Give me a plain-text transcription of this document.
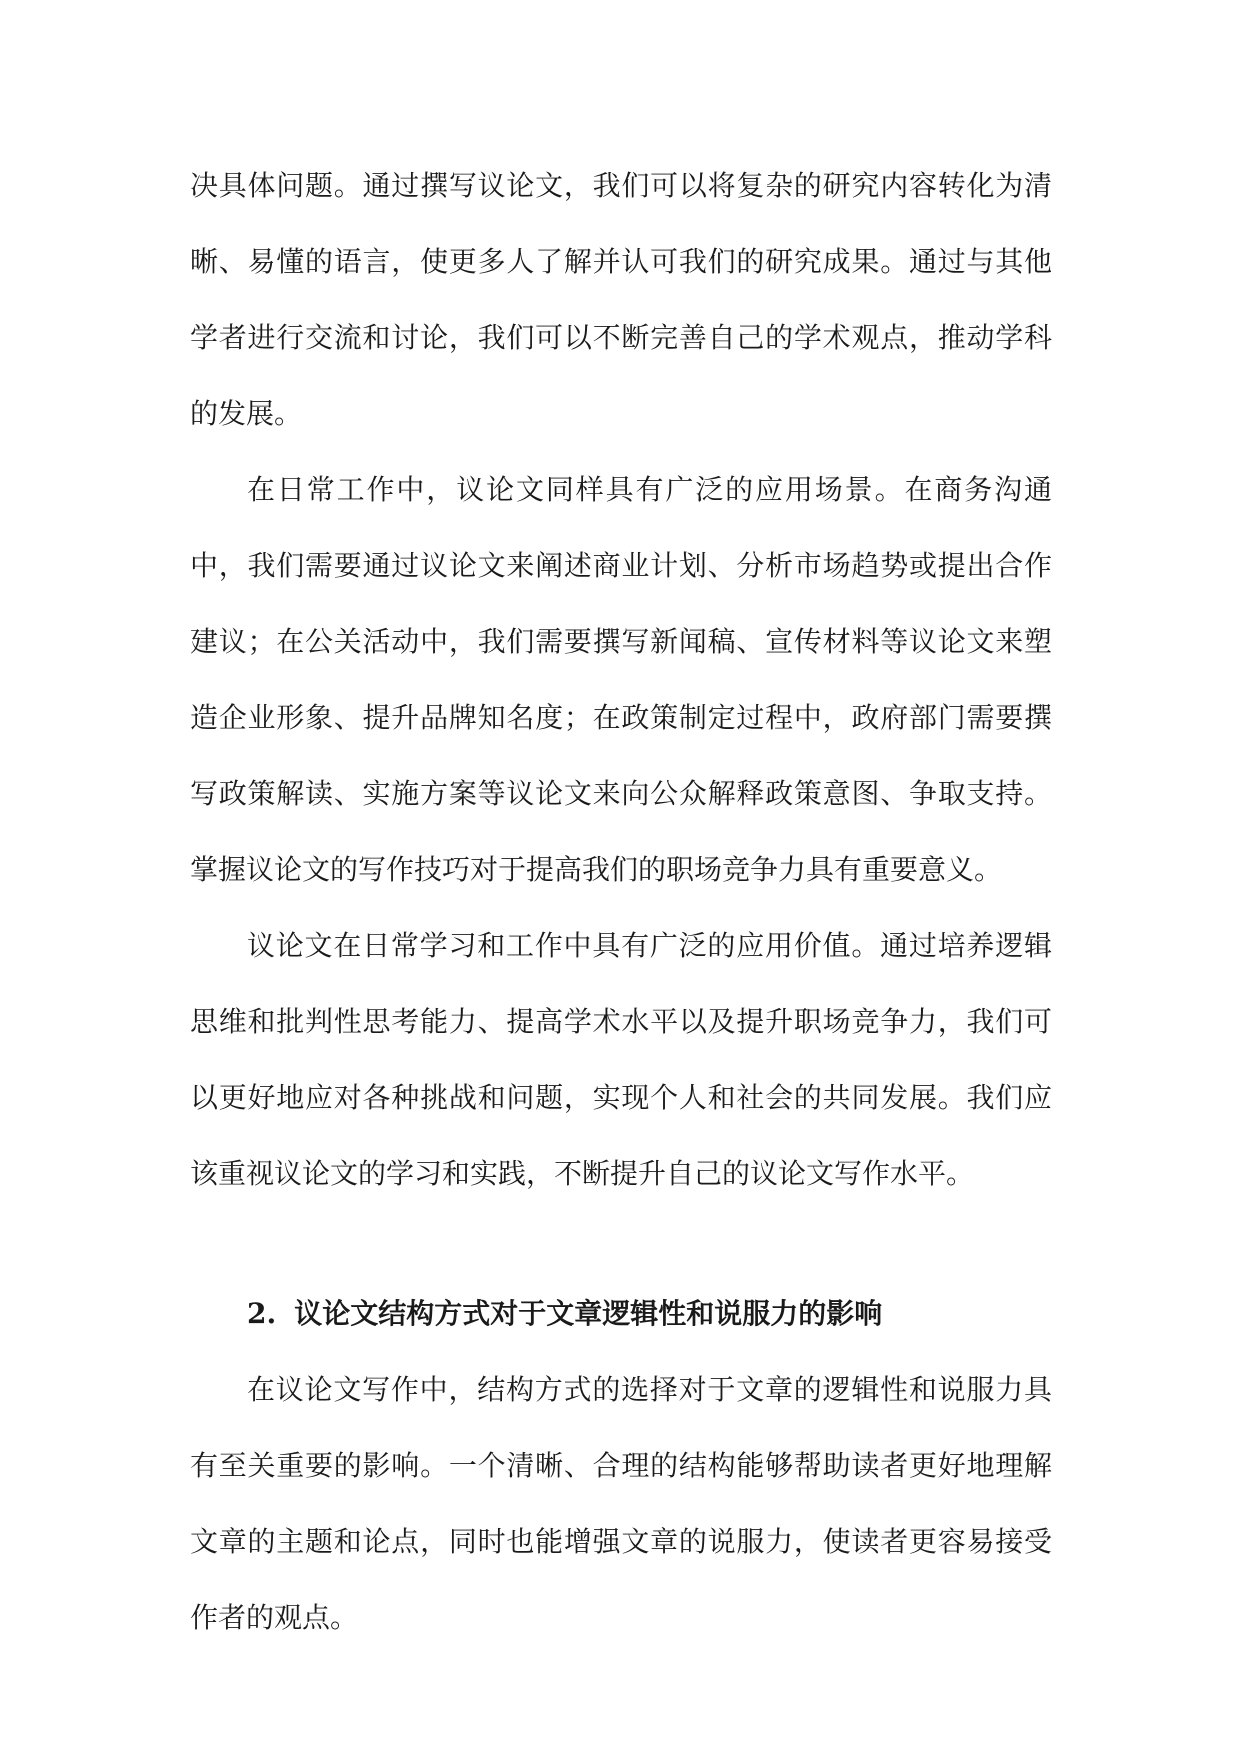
决具体问题。通过撰写议论文，我们可以将复杂的研究内容转化为清晰、易懂的语言，使更多人了解并认可我们的研究成果。通过与其他学者进行交流和讨论，我们可以不断完善自己的学术观点，推动学科的发展。

在日常工作中，议论文同样具有广泛的应用场景。在商务沟通中，我们需要通过议论文来阐述商业计划、分析市场趋势或提出合作建议；在公关活动中，我们需要撰写新闻稿、宣传材料等议论文来塑造企业形象、提升品牌知名度；在政策制定过程中，政府部门需要撰写政策解读、实施方案等议论文来向公众解释政策意图、争取支持。掌握议论文的写作技巧对于提高我们的职场竞争力具有重要意义。

议论文在日常学习和工作中具有广泛的应用价值。通过培养逻辑思维和批判性思考能力、提高学术水平以及提升职场竞争力，我们可以更好地应对各种挑战和问题，实现个人和社会的共同发展。我们应该重视议论文的学习和实践，不断提升自己的议论文写作水平。

2. 议论文结构方式对于文章逻辑性和说服力的影响

在议论文写作中，结构方式的选择对于文章的逻辑性和说服力具有至关重要的影响。一个清晰、合理的结构能够帮助读者更好地理解文章的主题和论点，同时也能增强文章的说服力，使读者更容易接受作者的观点。
